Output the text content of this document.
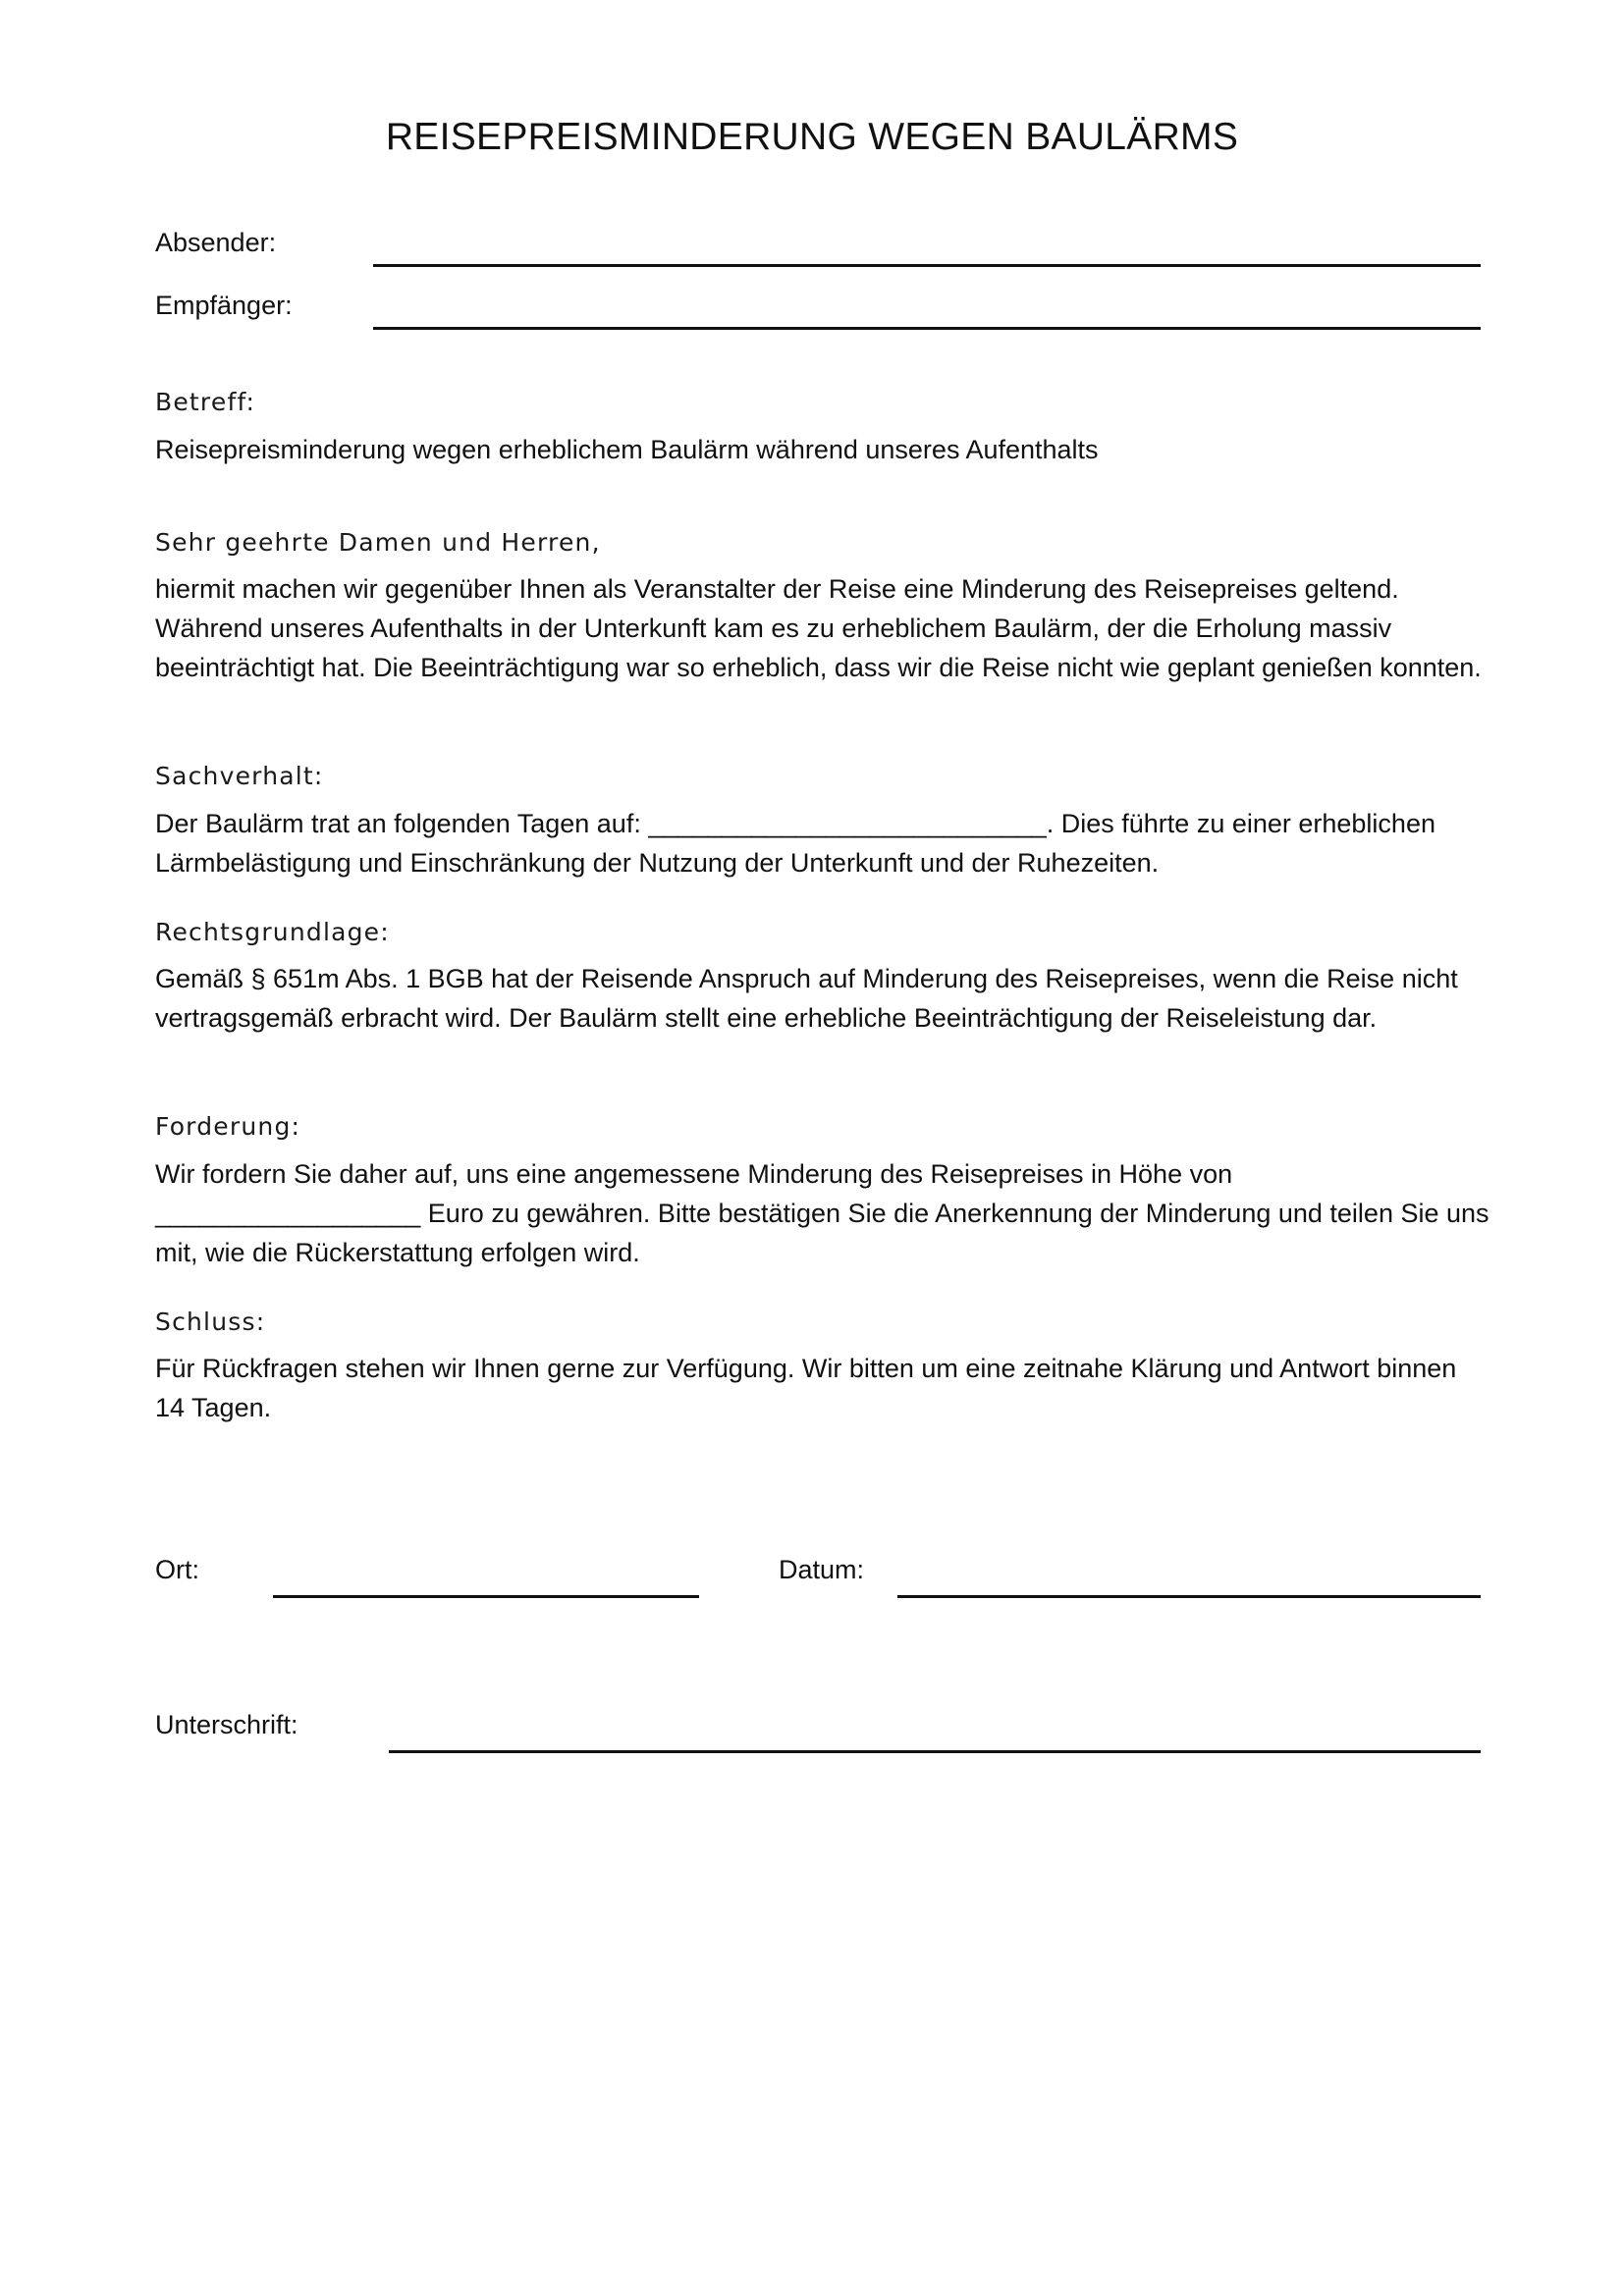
REISEPREISMINDERUNG WEGEN BAULÄRMS
Absender:
Empfänger:
Betreff:

Reisepreisminderung wegen erheblichem Baulärm während unseres Aufenthalts

Sehr geehrte Damen und Herren,

hiermit machen wir gegenüber Ihnen als Veranstalter der Reise eine Minderung des Reisepreises geltend. Während unseres Aufenthalts in der Unterkunft kam es zu erheblichem Baulärm, der die Erholung massiv beeinträchtigt hat. Die Beeinträchtigung war so erheblich, dass wir die Reise nicht wie geplant genießen konnten.

Sachverhalt:

Der Baulärm trat an folgenden Tagen auf: ___________________________. Dies führte zu einer erheblichen Lärmbelästigung und Einschränkung der Nutzung der Unterkunft und der Ruhezeiten.

Rechtsgrundlage:

Gemäß § 651m Abs. 1 BGB hat der Reisende Anspruch auf Minderung des Reisepreises, wenn die Reise nicht vertragsgemäß erbracht wird. Der Baulärm stellt eine erhebliche Beeinträchtigung der Reiseleistung dar.

Forderung:

Wir fordern Sie daher auf, uns eine angemessene Minderung des Reisepreises in Höhe von __________________ Euro zu gewähren. Bitte bestätigen Sie die Anerkennung der Minderung und teilen Sie uns mit, wie die Rückerstattung erfolgen wird.

Schluss:

Für Rückfragen stehen wir Ihnen gerne zur Verfügung. Wir bitten um eine zeitnahe Klärung und Antwort binnen 14 Tagen.

Ort:	Datum:
Unterschrift:
